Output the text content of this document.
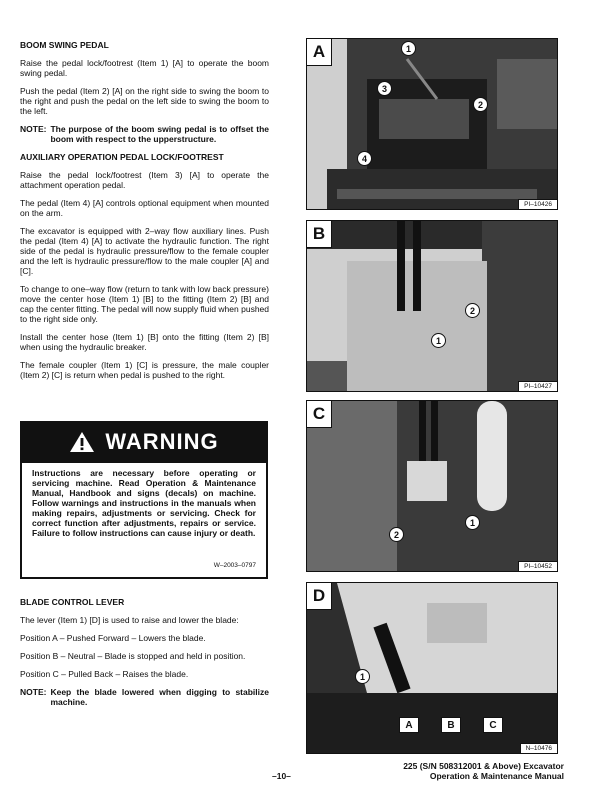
BOOM SWING PEDAL

Raise the pedal lock/footrest (Item 1) [A] to operate the boom swing pedal.

Push the pedal (Item 2) [A] on the right side to swing the boom to the right and push the pedal on the left side to swing the boom to the left.

NOTE: The purpose of the boom swing pedal is to offset the boom with respect to the upperstructure.
AUXILIARY OPERATION PEDAL LOCK/FOOTREST

Raise the pedal lock/footrest (Item 3) [A] to operate the attachment operation pedal.

The pedal (Item 4) [A] controls optional equipment when mounted on the arm.

The excavator is equipped with 2–way flow auxiliary lines. Push the pedal (Item 4) [A] to activate the hydraulic function. The right side of the pedal is hydraulic pressure/flow to the female coupler and the left is hydraulic pressure/flow to the male coupler [A] and [C].

To change to one–way flow (return to tank with low back pressure) move the center hose (Item 1) [B] to the fitting (Item 2) [B] and cap the center fitting. The pedal will now supply fluid when pushed to the right side only.

Install the center hose (Item 1) [B] onto the fitting (Item 2) [B] when using the hydraulic breaker.

The female coupler (Item 1) [C] is pressure, the male coupler (Item 2) [C] is return when pedal is pushed to the right.

WARNING
Instructions are necessary before operating or servicing machine. Read Operation & Maintenance Manual, Handbook and signs (decals) on machine. Follow warnings and instructions in the manuals when making repairs, adjustments or servicing. Check for correct function after adjustments, repairs or service. Failure to follow instructions can cause injury or death.
W–2003–0797
BLADE CONTROL LEVER

The lever (Item 1) [D] is used to raise and lower the blade:

Position A – Pushed Forward – Lowers the blade.

Position B – Neutral – Blade is stopped and held in position.

Position C – Pulled Back – Raises the blade.

NOTE: Keep the blade lowered when digging to stabilize machine.
A	1
2
3
4
PI–10426
B
1
2
PI–10427
C
1
2
PI–10452
D
1
A	B	C
N–10476
225 (S/N 508312001 & Above) Excavator
Operation & Maintenance Manual
–10–
